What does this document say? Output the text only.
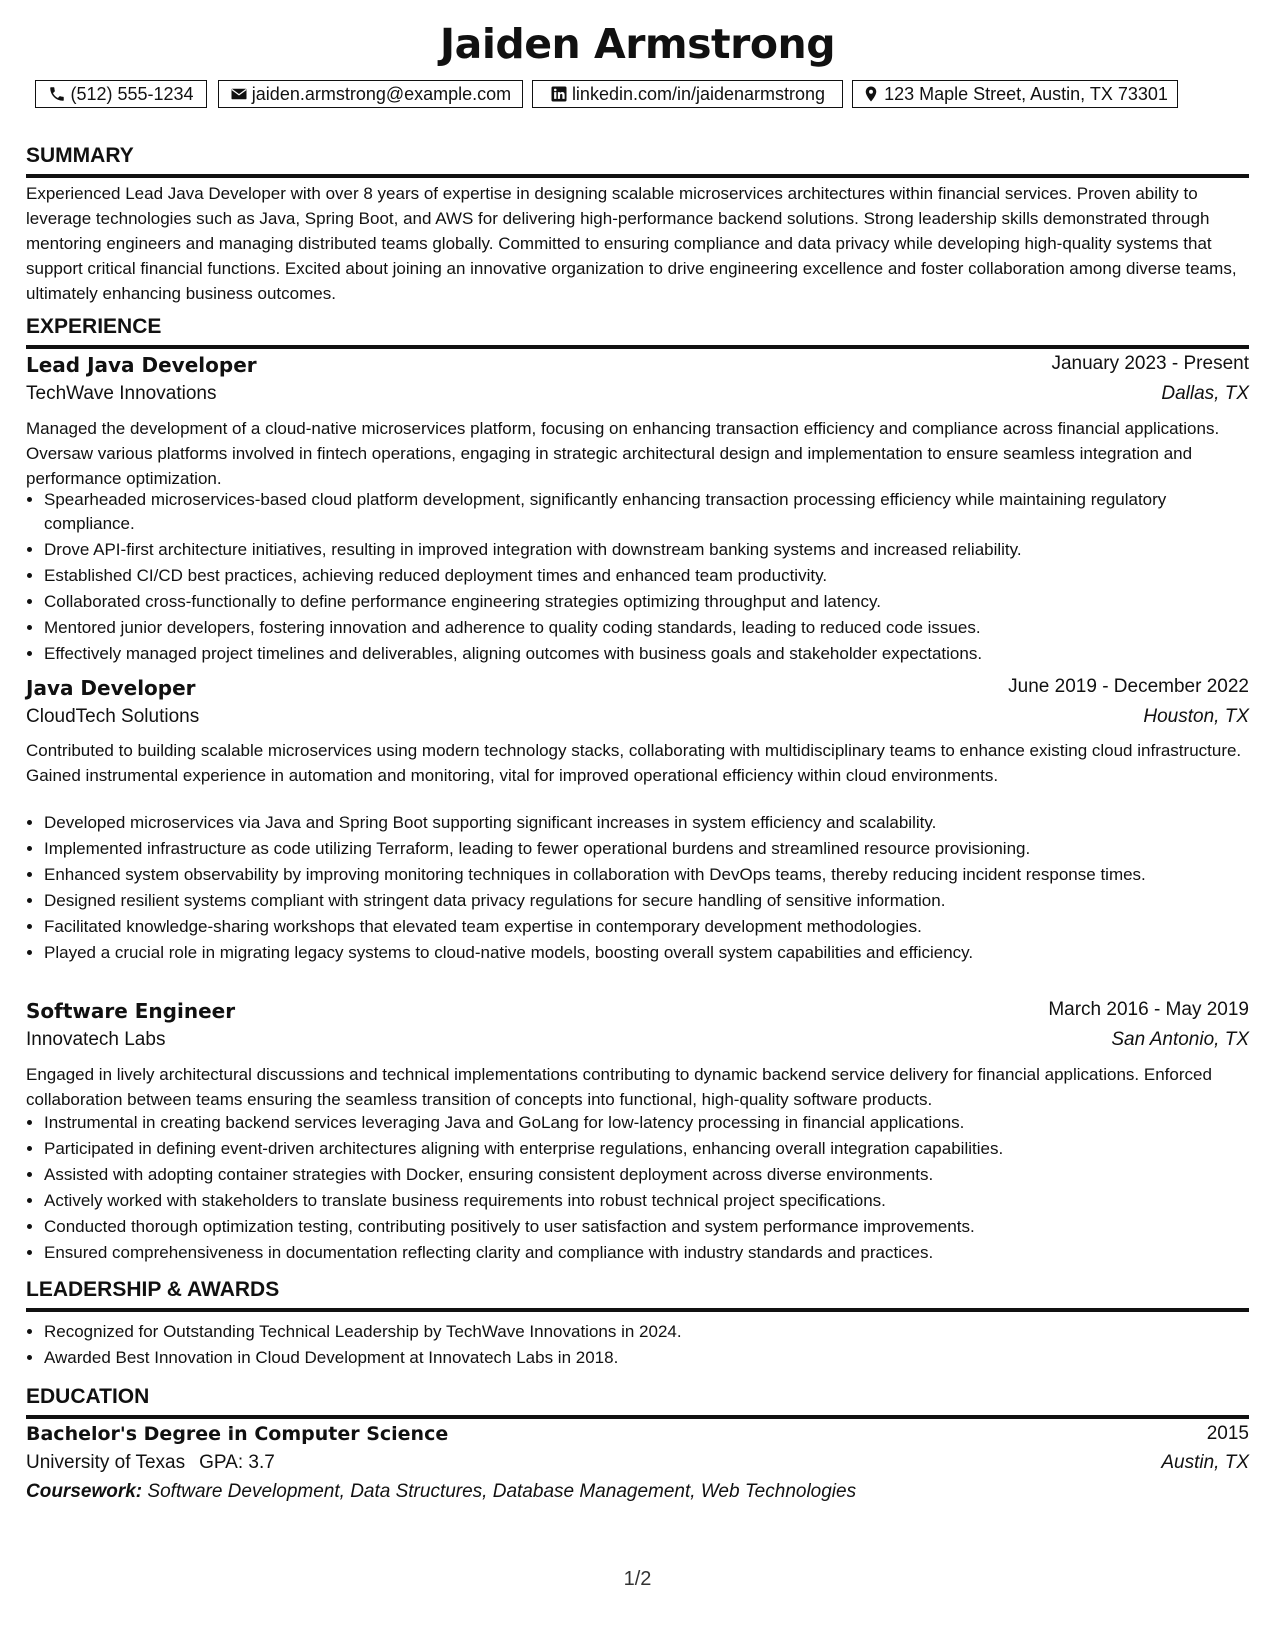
Jaiden Armstrong
(512) 555-1234	jaiden.armstrong@example.com	linkedin.com/in/jaidenarmstrong	123 Maple Street, Austin, TX 73301
SUMMARY

Experienced Lead Java Developer with over 8 years of expertise in designing scalable microservices architectures within financial services. Proven ability to leverage technologies such as Java, Spring Boot, and AWS for delivering high-performance backend solutions. Strong leadership skills demonstrated through mentoring engineers and managing distributed teams globally. Committed to ensuring compliance and data privacy while developing high-quality systems that support critical financial functions. Excited about joining an innovative organization to drive engineering excellence and foster collaboration among diverse teams, ultimately enhancing business outcomes.

EXPERIENCE
Lead Java Developer	January 2023 - Present
TechWave Innovations	Dallas, TX

Managed the development of a cloud-native microservices platform, focusing on enhancing transaction efficiency and compliance across financial applications. Oversaw various platforms involved in fintech operations, engaging in strategic architectural design and implementation to ensure seamless integration and performance optimization.

• Spearheaded microservices-based cloud platform development, significantly enhancing transaction processing efficiency while maintaining regulatory compliance.
• Drove API-first architecture initiatives, resulting in improved integration with downstream banking systems and increased reliability.
• Established CI/CD best practices, achieving reduced deployment times and enhanced team productivity.
• Collaborated cross-functionally to define performance engineering strategies optimizing throughput and latency.
• Mentored junior developers, fostering innovation and adherence to quality coding standards, leading to reduced code issues.
• Effectively managed project timelines and deliverables, aligning outcomes with business goals and stakeholder expectations.
Java Developer	June 2019 - December 2022
CloudTech Solutions	Houston, TX

Contributed to building scalable microservices using modern technology stacks, collaborating with multidisciplinary teams to enhance existing cloud infrastructure. Gained instrumental experience in automation and monitoring, vital for improved operational efficiency within cloud environments.

• Developed microservices via Java and Spring Boot supporting significant increases in system efficiency and scalability.
• Implemented infrastructure as code utilizing Terraform, leading to fewer operational burdens and streamlined resource provisioning.
• Enhanced system observability by improving monitoring techniques in collaboration with DevOps teams, thereby reducing incident response times.
• Designed resilient systems compliant with stringent data privacy regulations for secure handling of sensitive information.
• Facilitated knowledge-sharing workshops that elevated team expertise in contemporary development methodologies.
• Played a crucial role in migrating legacy systems to cloud-native models, boosting overall system capabilities and efficiency.
Software Engineer	March 2016 - May 2019
Innovatech Labs	San Antonio, TX

Engaged in lively architectural discussions and technical implementations contributing to dynamic backend service delivery for financial applications. Enforced collaboration between teams ensuring the seamless transition of concepts into functional, high-quality software products.

• Instrumental in creating backend services leveraging Java and GoLang for low-latency processing in financial applications.
• Participated in defining event-driven architectures aligning with enterprise regulations, enhancing overall integration capabilities.
• Assisted with adopting container strategies with Docker, ensuring consistent deployment across diverse environments.
• Actively worked with stakeholders to translate business requirements into robust technical project specifications.
• Conducted thorough optimization testing, contributing positively to user satisfaction and system performance improvements.
• Ensured comprehensiveness in documentation reflecting clarity and compliance with industry standards and practices.
LEADERSHIP & AWARDS
• Recognized for Outstanding Technical Leadership by TechWave Innovations in 2024.
• Awarded Best Innovation in Cloud Development at Innovatech Labs in 2018.
EDUCATION
Bachelor's Degree in Computer Science	2015
University of Texas GPA: 3.7	Austin, TX
Coursework: Software Development, Data Structures, Database Management, Web Technologies
1/2
